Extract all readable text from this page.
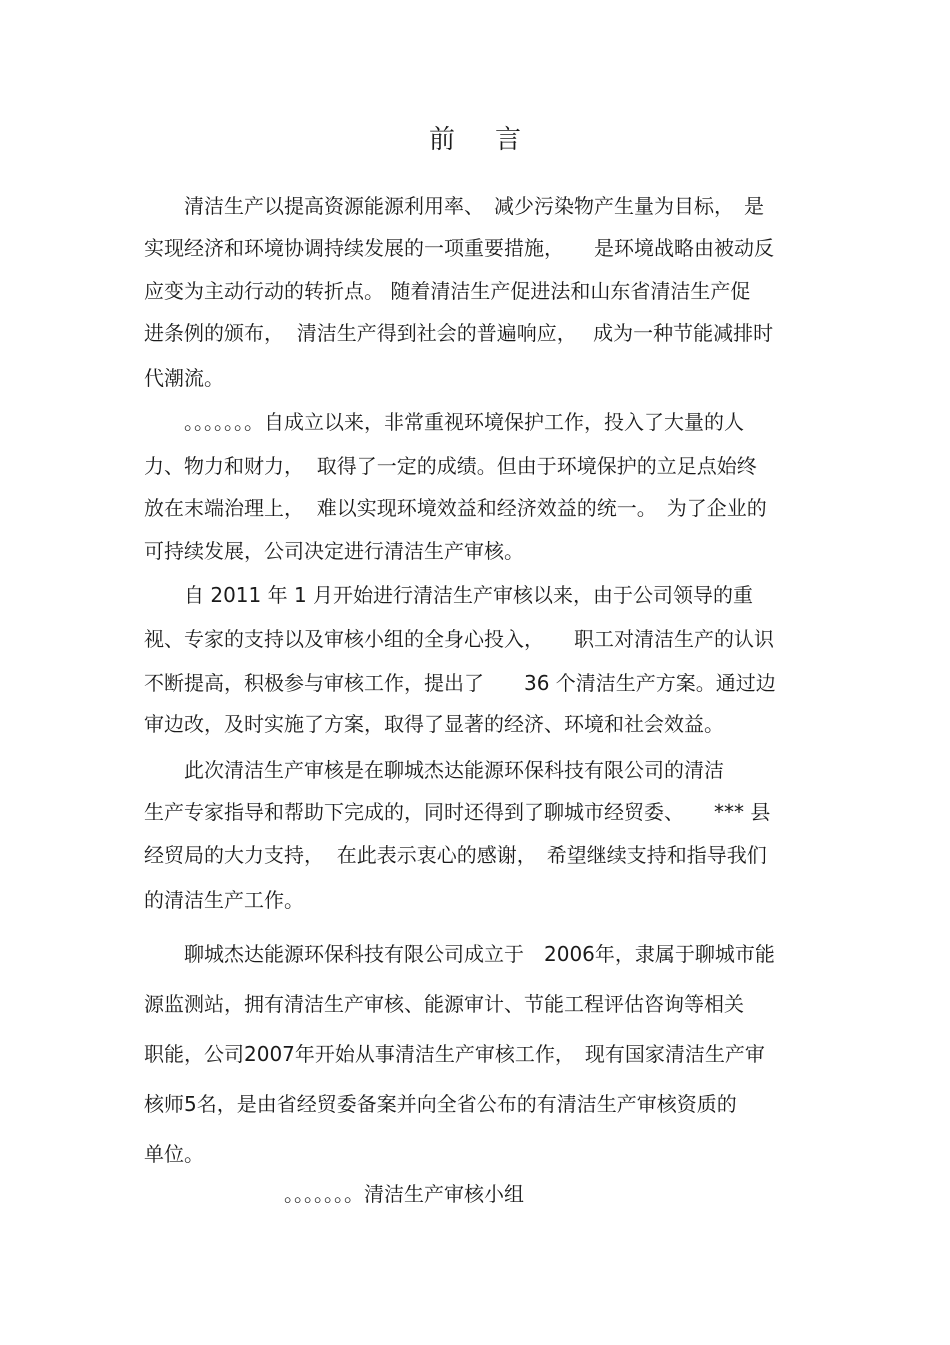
前言
　　清洁生产以提高资源能源利用率、　减少污染物产生量为目标，　是
实现经济和环境协调持续发展的一项重要措施，　　是环境战略由被动反
应变为主动行动的转折点。 随着清洁生产促进法和山东省清洁生产促
进条例的颁布，  清洁生产得到社会的普遍响应，　 成为一种节能减排时
代潮流。
　　。。。。。。。自成立以来，非常重视环境保护工作，投入了大量的人
力、物力和财力，  取得了一定的成绩。但由于环境保护的立足点始终
放在末端治理上，  难以实现环境效益和经济效益的统一。　为了企业的
可持续发展，公司决定进行清洁生产审核。
　　自 2011 年 1 月开始进行清洁生产审核以来，由于公司领导的重
视、专家的支持以及审核小组的全身心投入，　　职工对清洁生产的认识
不断提高，积极参与审核工作，提出了　　36 个清洁生产方案。通过边
审边改，及时实施了方案，取得了显著的经济、环境和社会效益。
　　此次清洁生产审核是在聊城杰达能源环保科技有限公司的清洁
生产专家指导和帮助下完成的，同时还得到了聊城市经贸委、　　*** 县
经贸局的大力支持，  在此表示衷心的感谢，　希望继续支持和指导我们
的清洁生产工作。
　　聊城杰达能源环保科技有限公司成立于　2006年，隶属于聊城市能
源监测站，拥有清洁生产审核、能源审计、节能工程评估咨询等相关
职能，公司2007年开始从事清洁生产审核工作，　现有国家清洁生产审
核师5名，是由省经贸委备案并向全省公布的有清洁生产审核资质的
单位。
　　　　　　　。。。。。。。清洁生产审核小组
